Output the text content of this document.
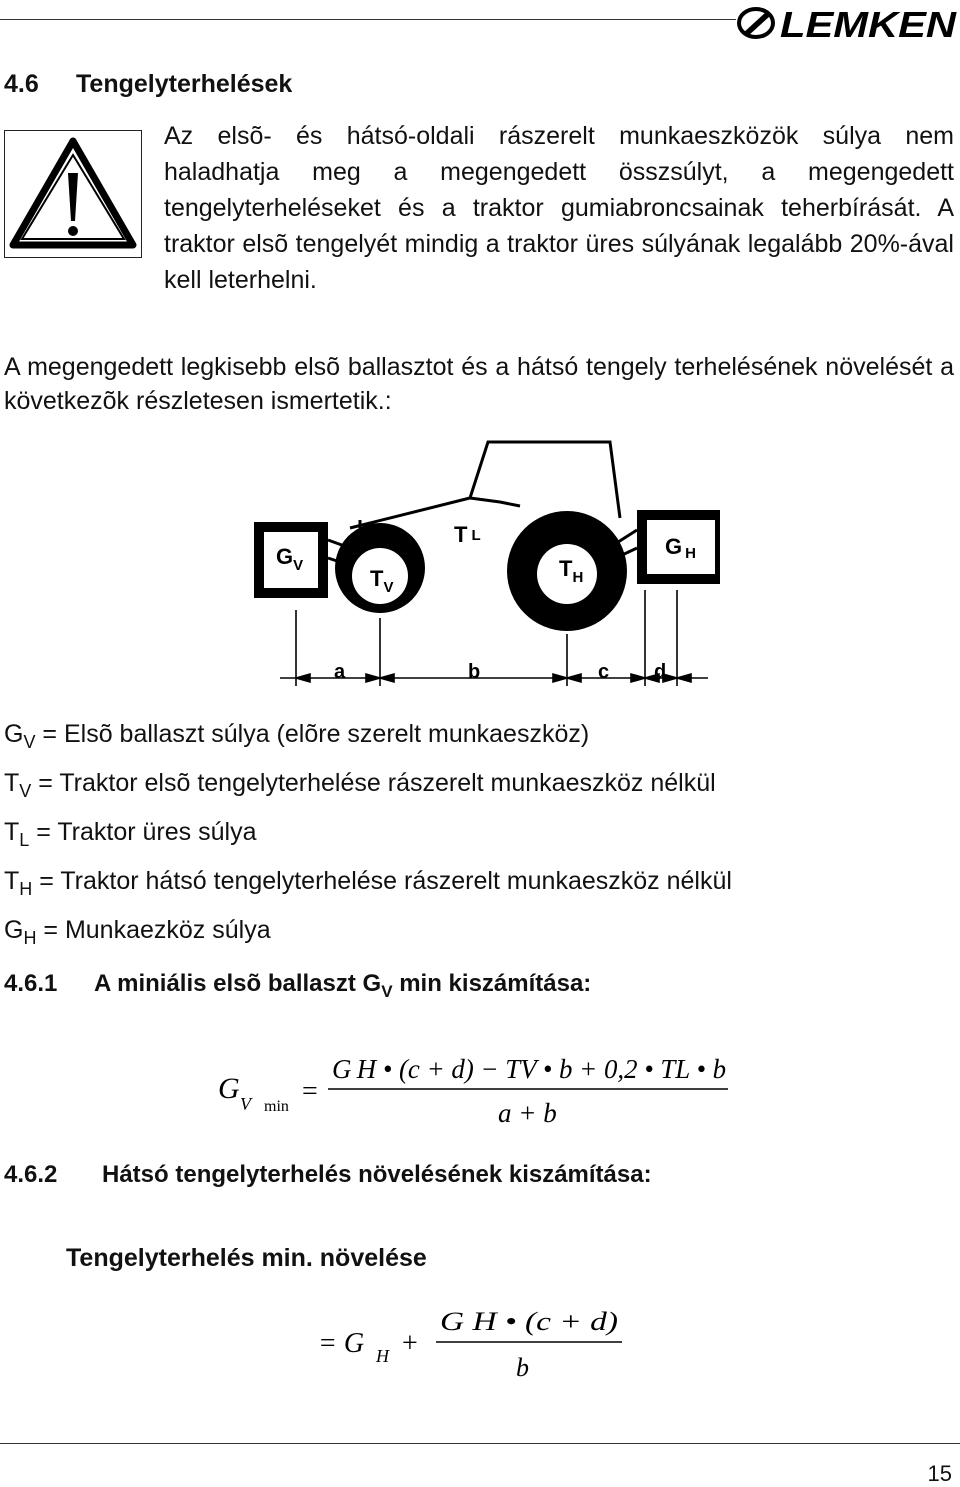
LEMKEN
4.6 Tengelyterhelések
Az elsõ- és hátsó-oldali rászerelt munkaeszközök súlya nem haladhatja meg a megengedett összsúlyt, a megengedett tengelyterheléseket és a traktor gumiabroncsainak teherbírását. A traktor elsõ tengelyét mindig a traktor üres súlyának legalább 20%-ával kell leterhelni.
A megengedett legkisebb elsõ ballasztot és a hátsó tengely terhelésének növelését a következõk részletesen ismertetik.:
$G_V$
$T_V$
T L
$T_H$
G H
a	b	c d
$G_V$ = Elsõ ballaszt súlya (elõre szerelt munkaeszköz)
$T_V$ = Traktor elsõ tengelyterhelése rászerelt munkaeszköz nélkül
$T_L$ = Traktor üres súlya
$T_H$ = Traktor hátsó tengelyterhelése rászerelt munkaeszköz nélkül
$G_H$ = Munkaezköz súlya
4.6.1 A miniális elsõ ballaszt $G_V$ min kiszámítása:
G V min =
G H • (c + d) − TV • b + 0,2 • TL • b
a + b
4.6.2 Hátsó tengelyterhelés növelésének kiszámítása:
Tengelyterhelés min. növelése
= G H +
G H • (c + d)
b
15
